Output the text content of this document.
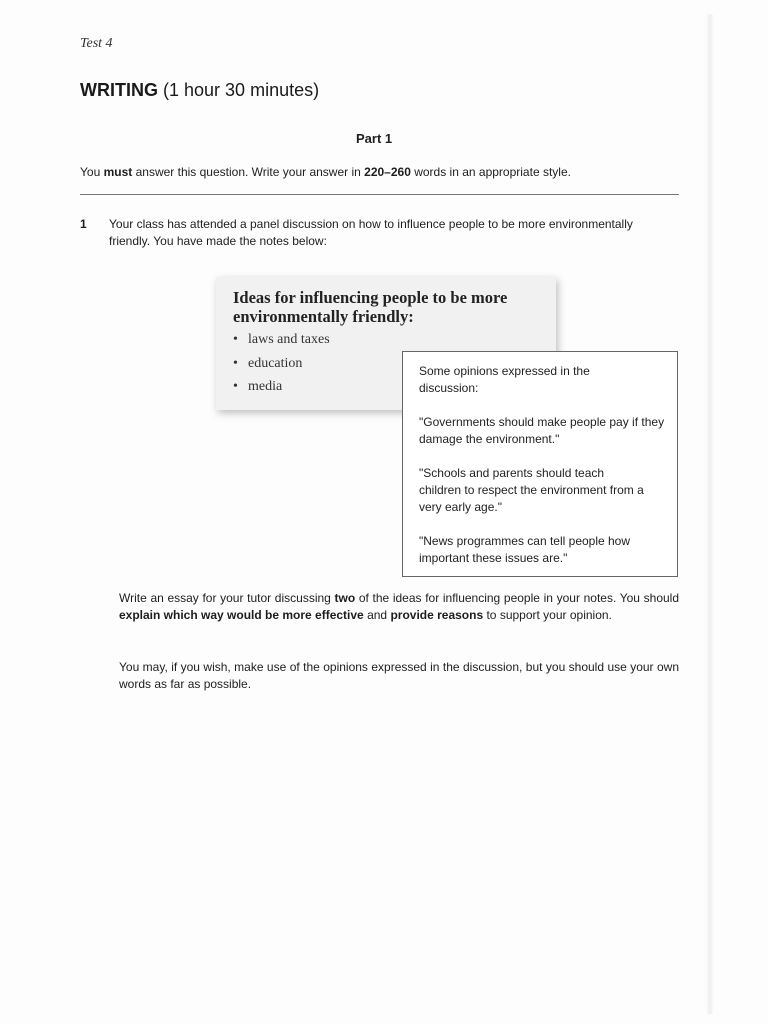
Test 4
WRITING (1 hour 30 minutes)
Part 1
You must answer this question. Write your answer in 220–260 words in an appropriate style.
1 Your class has attended a panel discussion on how to influence people to be more environmentally friendly. You have made the notes below:
Ideas for influencing people to be more environmentally friendly:
• laws and taxes
• education
• media
Some opinions expressed in the discussion:
"Governments should make people pay if they damage the environment."
"Schools and parents should teach children to respect the environment from a very early age."
"News programmes can tell people how important these issues are."
Write an essay for your tutor discussing two of the ideas for influencing people in your notes. You should explain which way would be more effective and provide reasons to support your opinion.
You may, if you wish, make use of the opinions expressed in the discussion, but you should use your own words as far as possible.
